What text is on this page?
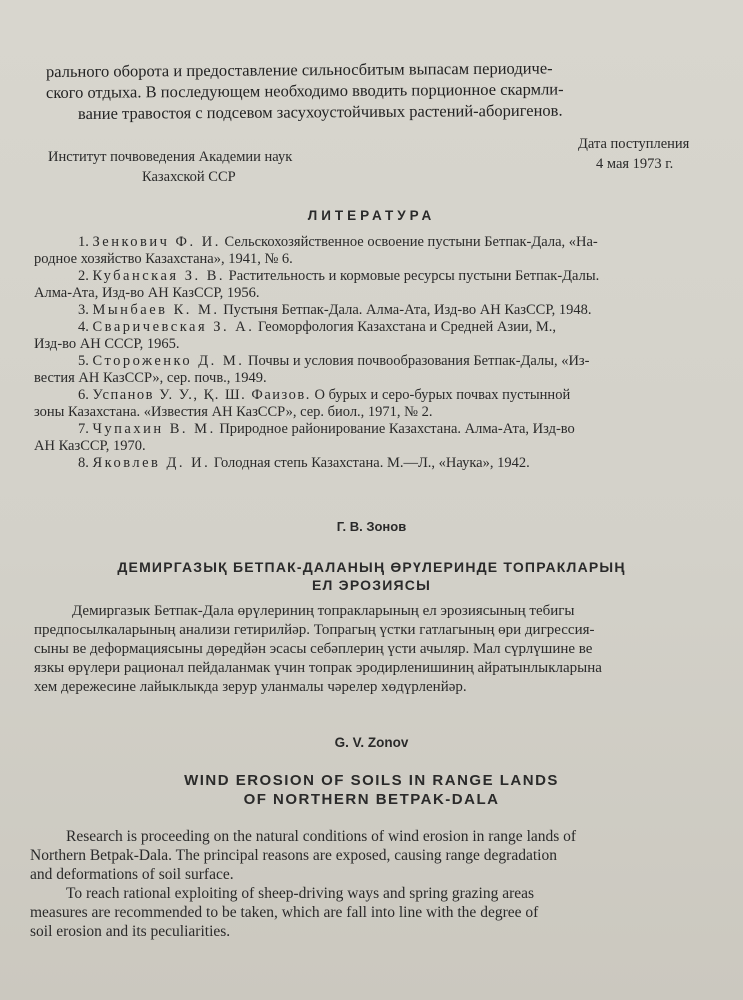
рального оборота и предоставление сильносбитым выпасам периодиче-
ского отдыха. В последующем необходимо вводить порционное скармли-
вание травостоя с подсевом засухоустойчивых растений-аборигенов.
Институт почвоведения Академии наук
Казахской ССР
Дата поступления
4 мая 1973 г.
ЛИТЕРАТУРА
1. Зенкович Ф. И. Сельскохозяйственное освоение пустыни Бетпак-Дала, «На-
родное хозяйство Казахстана», 1941, № 6.
2. Кубанская З. В. Растительность и кормовые ресурсы пустыни Бетпак-Далы.
Алма-Ата, Изд-во АН КазССР, 1956.
3. Мынбаев К. М. Пустыня Бетпак-Дала. Алма-Ата, Изд-во АН КазССР, 1948.
4. Сваричевская З. А. Геоморфология Казахстана и Средней Азии, М.,
Изд-во АН СССР, 1965.
5. Стороженко Д. М. Почвы и условия почвообразования Бетпак-Далы, «Из-
вестия АН КазССР», сер. почв., 1949.
6. Успанов У. У., Қ. Ш. Фаизов. О бурых и серо-бурых почвах пустынной
зоны Казахстана. «Известия АН КазССР», сер. биол., 1971, № 2.
7. Чупахин В. М. Природное районирование Казахстана. Алма-Ата, Изд-во
АН КазССР, 1970.
8. Яковлев Д. И. Голодная степь Казахстана. М.—Л., «Наука», 1942.
Г. В. Зонов
ДЕМИРГАЗЫҚ БЕТПАК-ДАЛАНЫҢ ӨРҮЛЕРИНДЕ ТОПРАКЛАРЫҢ
ЕЛ ЭРОЗИЯСЫ
Демиргазык Бетпак-Дала өрүлериниң топракларының ел эрозиясының тебигы
предпосылкаларының анализи гетирилйәр. Топрагың үстки гатлагының өри дигрессия-
сыны ве деформациясыны дөредйән эсасы себәплериң үсти ачыляр. Мал сүрлүшине ве
язкы өрүлери рационал пейдаланмак үчин топрак эродирленишиниң айратынлыкларына
хем дережесине лайыклыкда зерур уланмалы чәрелер хөдүрленйәр.
G. V. Zonov
WIND EROSION OF SOILS IN RANGE LANDS
OF NORTHERN BETPAK-DALA
Research is proceeding on the natural conditions of wind erosion in range lands of
Northern Betpak-Dala. The principal reasons are exposed, causing range degradation
and deformations of soil surface.
To reach rational exploiting of sheep-driving ways and spring grazing areas
measures are recommended to be taken, which are fall into line with the degree of
soil erosion and its peculiarities.
